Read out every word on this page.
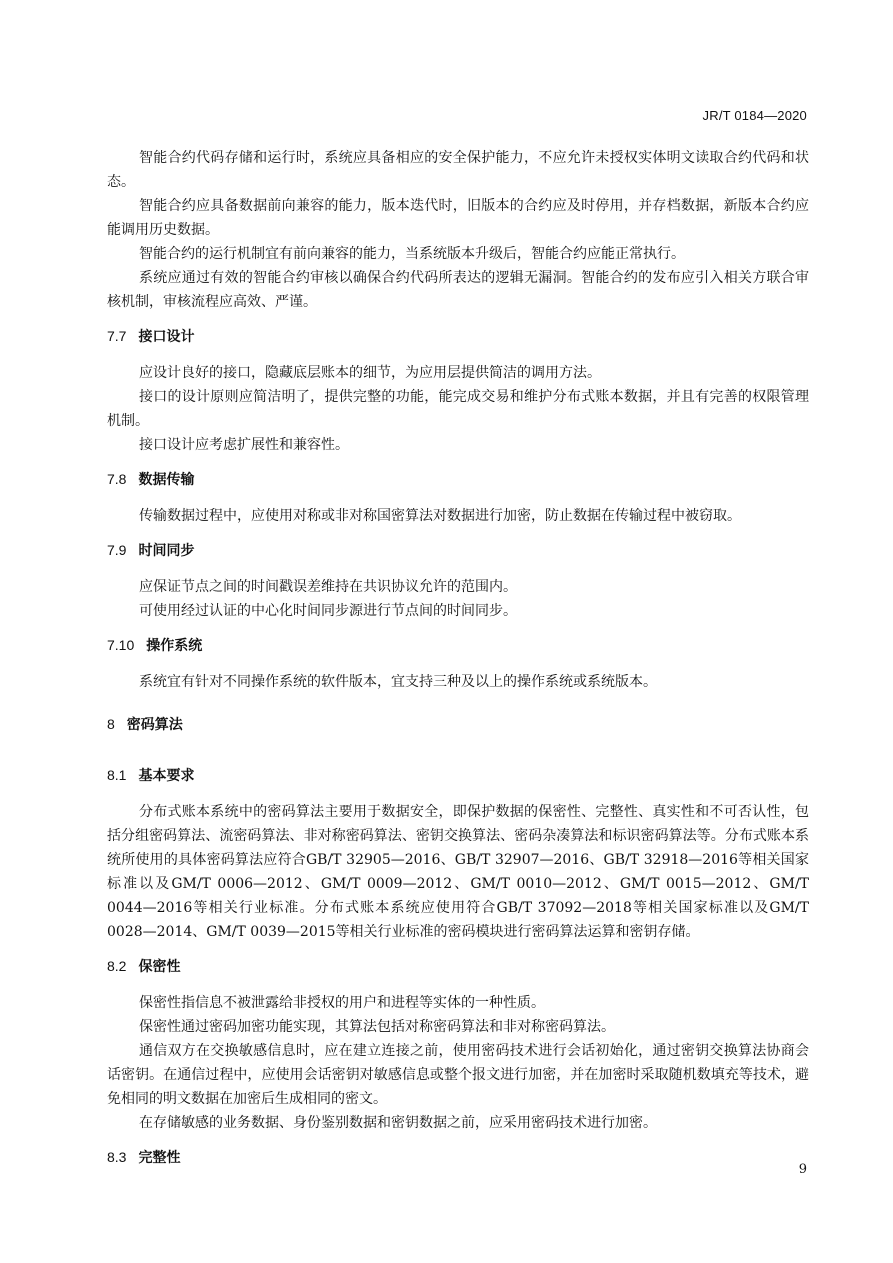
JR/T 0184—2020

智能合约代码存储和运行时，系统应具备相应的安全保护能力，不应允许未授权实体明文读取合约代码和状态。

智能合约应具备数据前向兼容的能力，版本迭代时，旧版本的合约应及时停用，并存档数据，新版本合约应能调用历史数据。

智能合约的运行机制宜有前向兼容的能力，当系统版本升级后，智能合约应能正常执行。

系统应通过有效的智能合约审核以确保合约代码所表达的逻辑无漏洞。智能合约的发布应引入相关方联合审核机制，审核流程应高效、严谨。

7.7 接口设计

应设计良好的接口，隐藏底层账本的细节，为应用层提供简洁的调用方法。

接口的设计原则应简洁明了，提供完整的功能，能完成交易和维护分布式账本数据，并且有完善的权限管理机制。

接口设计应考虑扩展性和兼容性。

7.8 数据传输

传输数据过程中，应使用对称或非对称国密算法对数据进行加密，防止数据在传输过程中被窃取。

7.9 时间同步

应保证节点之间的时间戳误差维持在共识协议允许的范围内。

可使用经过认证的中心化时间同步源进行节点间的时间同步。

7.10 操作系统

系统宜有针对不同操作系统的软件版本，宜支持三种及以上的操作系统或系统版本。

8 密码算法
8.1 基本要求

分布式账本系统中的密码算法主要用于数据安全，即保护数据的保密性、完整性、真实性和不可否认性，包括分组密码算法、流密码算法、非对称密码算法、密钥交换算法、密码杂凑算法和标识密码算法等。分布式账本系统所使用的具体密码算法应符合GB/T 32905—2016、GB/T 32907—2016、GB/T 32918—2016等相关国家标准以及GM/T 0006—2012、GM/T 0009—2012、GM/T 0010—2012、GM/T 0015—2012、GM/T 0044—2016等相关行业标准。分布式账本系统应使用符合GB/T 37092—2018等相关国家标准以及GM/T 0028—2014、GM/T 0039—2015等相关行业标准的密码模块进行密码算法运算和密钥存储。

8.2 保密性

保密性指信息不被泄露给非授权的用户和进程等实体的一种性质。

保密性通过密码加密功能实现，其算法包括对称密码算法和非对称密码算法。

通信双方在交换敏感信息时，应在建立连接之前，使用密码技术进行会话初始化，通过密钥交换算法协商会话密钥。在通信过程中，应使用会话密钥对敏感信息或整个报文进行加密，并在加密时采取随机数填充等技术，避免相同的明文数据在加密后生成相同的密文。

在存储敏感的业务数据、身份鉴别数据和密钥数据之前，应采用密码技术进行加密。

8.3 完整性
9
